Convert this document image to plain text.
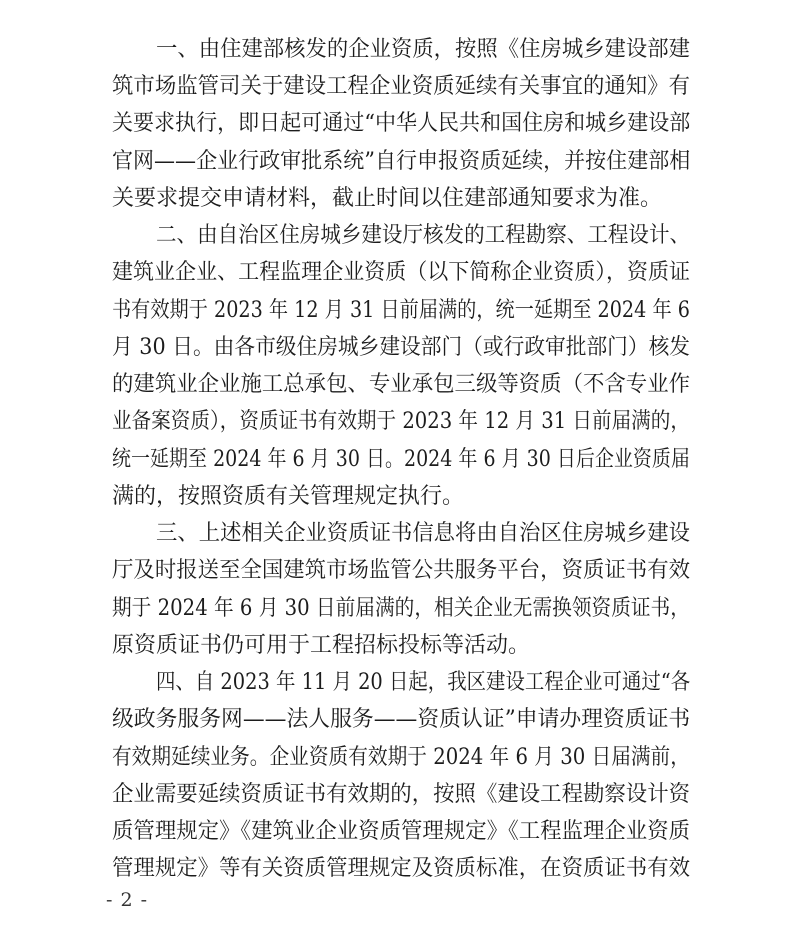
一、由住建部核发的企业资质，按照《住房城乡建设部建
筑市场监管司关于建设工程企业资质延续有关事宜的通知》有
关要求执行，即日起可通过“中华人民共和国住房和城乡建设部
官网——企业行政审批系统”自行申报资质延续，并按住建部相
关要求提交申请材料，截止时间以住建部通知要求为准。
二、由自治区住房城乡建设厅核发的工程勘察、工程设计、
建筑业企业、工程监理企业资质（以下简称企业资质），资质证
书有效期于 2023 年 12 月 31 日前届满的，统一延期至 2024 年 6
月 30 日。由各市级住房城乡建设部门（或行政审批部门）核发
的建筑业企业施工总承包、专业承包三级等资质（不含专业作
业备案资质），资质证书有效期于 2023 年 12 月 31 日前届满的，
统一延期至 2024 年 6 月 30 日。2024 年 6 月 30 日后企业资质届
满的，按照资质有关管理规定执行。
三、上述相关企业资质证书信息将由自治区住房城乡建设
厅及时报送至全国建筑市场监管公共服务平台，资质证书有效
期于 2024 年 6 月 30 日前届满的，相关企业无需换领资质证书，
原资质证书仍可用于工程招标投标等活动。
四、自 2023 年 11 月 20 日起，我区建设工程企业可通过“各
级政务服务网——法人服务——资质认证”申请办理资质证书
有效期延续业务。企业资质有效期于 2024 年 6 月 30 日届满前，
企业需要延续资质证书有效期的，按照《建设工程勘察设计资
质管理规定》《建筑业企业资质管理规定》《工程监理企业资质
管理规定》等有关资质管理规定及资质标准，在资质证书有效
- 2 -
